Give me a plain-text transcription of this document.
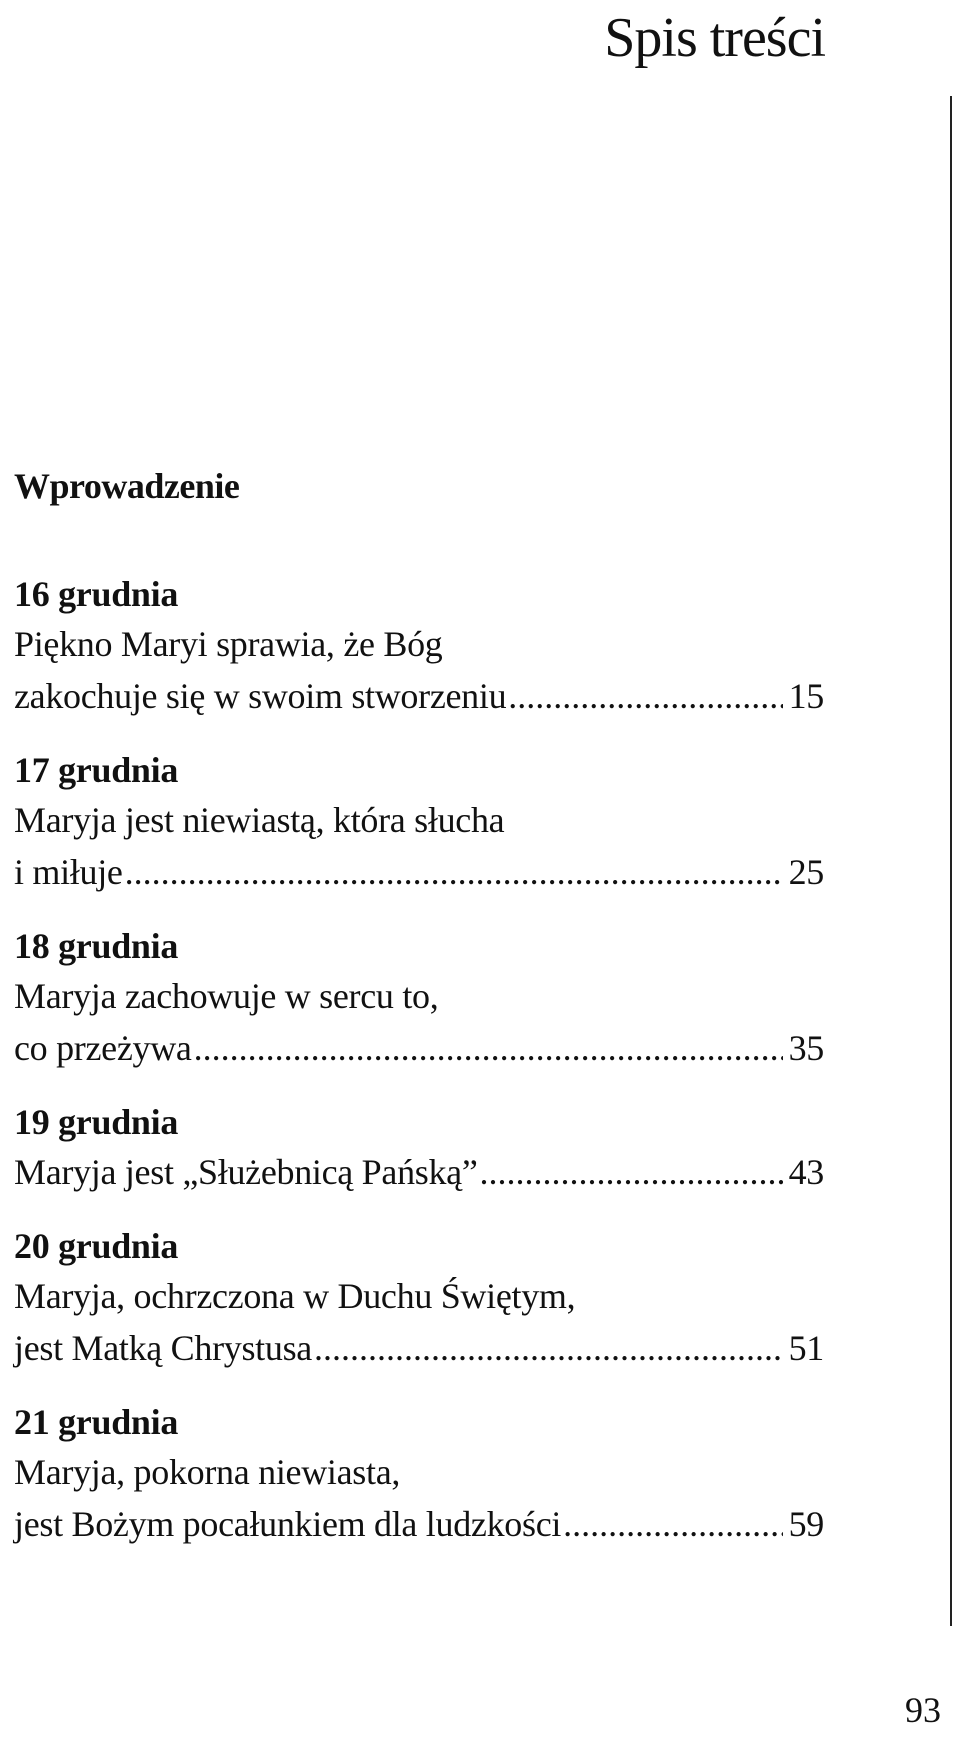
Spis treści
Wprowadzenie
16 grudnia
Piękno Maryi sprawia, że Bóg
zakochuje się w swoim stworzeniu .....	15
17 grudnia
Maryja jest niewiastą, która słucha
i miłuje .....	25
18 grudnia
Maryja zachowuje w sercu to,
co przeżywa .....	35
19 grudnia
Maryja jest „Służebnicą Pańską” .....	43
20 grudnia
Maryja, ochrzczona w Duchu Świętym,
jest Matką Chrystusa .....	51
21 grudnia
Maryja, pokorna niewiasta,
jest Bożym pocałunkiem dla ludzkości .....	59
93
